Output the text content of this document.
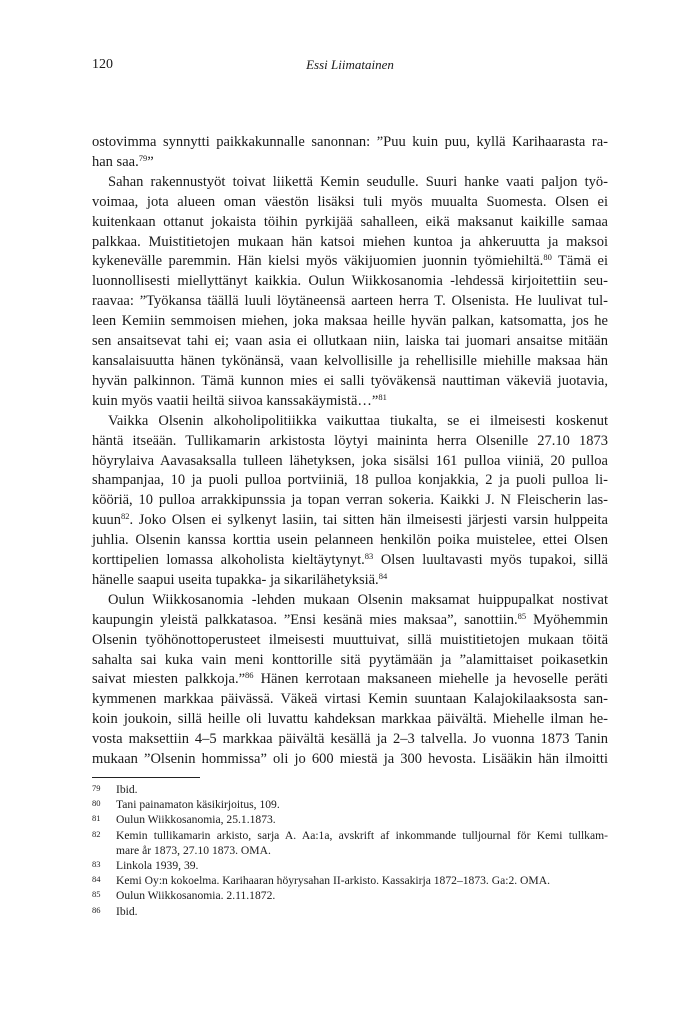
120	Essi Liimatainen

ostovimma synnytti paikkakunnalle sanonnan: ”Puu kuin puu, kyllä Karihaarasta ra-
han saa.$^{79}$”

Sahan rakennustyöt toivat liikettä Kemin seudulle. Suuri hanke vaati paljon työ-
voimaa, jota alueen oman väestön lisäksi tuli myös muualta Suomesta. Olsen ei
kuitenkaan ottanut jokaista töihin pyrkijää sahalleen, eikä maksanut kaikille samaa
palkkaa. Muistitietojen mukaan hän katsoi miehen kuntoa ja ahkeruutta ja maksoi
kykenevälle paremmin. Hän kielsi myös väkijuomien juonnin työmiehiltä.$^{80}$ Tämä ei
luonnollisesti miellyttänyt kaikkia. Oulun Wiikkosanomia -lehdessä kirjoitettiin seu-
raavaa: ”Työkansa täällä luuli löytäneensä aarteen herra T. Olsenista. He luulivat tul-
leen Kemiin semmoisen miehen, joka maksaa heille hyvän palkan, katsomatta, jos he
sen ansaitsevat tahi ei; vaan asia ei ollutkaan niin, laiska tai juomari ansaitse mitään
kansalaisuutta hänen tykönänsä, vaan kelvollisille ja rehellisille miehille maksaa hän
hyvän palkinnon. Tämä kunnon mies ei salli työväkensä nauttiman väkeviä juotavia,
kuin myös vaatii heiltä siivoa kanssakäymistä…”$^{81}$

Vaikka Olsenin alkoholipolitiikka vaikuttaa tiukalta, se ei ilmeisesti koskenut
häntä itseään. Tullikamarin arkistosta löytyi maininta herra Olsenille 27.10 1873
höyrylaiva Aavasaksalla tulleen lähetyksen, joka sisälsi 161 pulloa viiniä, 20 pulloa
shampanjaa, 10 ja puoli pulloa portviiniä, 18 pulloa konjakkia, 2 ja puoli pulloa li-
kööriä, 10 pulloa arrakkipunssia ja topan verran sokeria. Kaikki J. N Fleischerin las-
kuun$^{82}$. Joko Olsen ei sylkenyt lasiin, tai sitten hän ilmeisesti järjesti varsin hulppeita
juhlia. Olsenin kanssa korttia usein pelanneen henkilön poika muistelee, ettei Olsen
korttipelien lomassa alkoholista kieltäytynyt.$^{83}$ Olsen luultavasti myös tupakoi, sillä
hänelle saapui useita tupakka- ja sikarilähetyksiä.$^{84}$

Oulun Wiikkosanomia -lehden mukaan Olsenin maksamat huippupalkat nostivat
kaupungin yleistä palkkatasoa. ”Ensi kesänä mies maksaa”, sanottiin.$^{85}$ Myöhemmin
Olsenin työhönottoperusteet ilmeisesti muuttuivat, sillä muistitietojen mukaan töitä
sahalta sai kuka vain meni konttorille sitä pyytämään ja ”alamittaiset poikasetkin
saivat miesten palkkoja.”$^{86}$ Hänen kerrotaan maksaneen miehelle ja hevoselle peräti
kymmenen markkaa päivässä. Väkeä virtasi Kemin suuntaan Kalajokilaaksosta san-
koin joukoin, sillä heille oli luvattu kahdeksan markkaa päivältä. Miehelle ilman he-
vosta maksettiin 4–5 markkaa päivältä kesällä ja 2–3 talvella. Jo vuonna 1873 Tanin
mukaan ”Olsenin hommissa” oli jo 600 miestä ja 300 hevosta. Lisääkin hän ilmoitti

79 Ibid.
80 Tani painamaton käsikirjoitus, 109.
81 Oulun Wiikkosanomia, 25.1.1873.
82 Kemin tullikamarin arkisto, sarja A. Aa:1a, avskrift af inkommande tulljournal för Kemi tullkam-
mare år 1873, 27.10 1873. OMA.
83 Linkola 1939, 39.
84 Kemi Oy:n kokoelma. Karihaaran höyrysahan II-arkisto. Kassakirja 1872–1873. Ga:2. OMA.
85 Oulun Wiikkosanomia. 2.11.1872.
86 Ibid.
